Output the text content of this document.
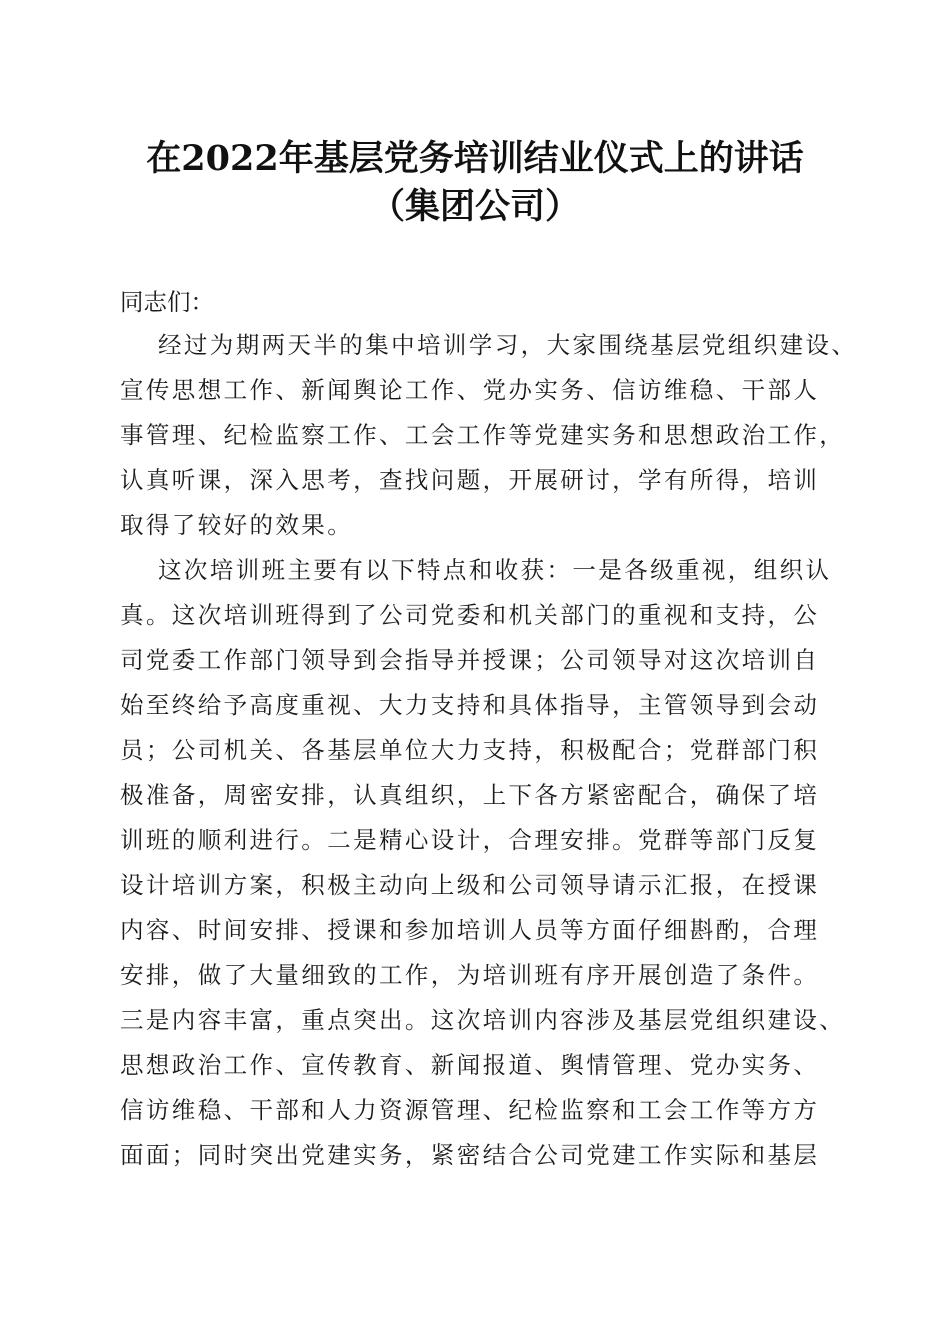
在2022年基层党务培训结业仪式上的讲话
（集团公司）
同志们：
经过为期两天半的集中培训学习，大家围绕基层党组织建设、
宣传思想工作、新闻舆论工作、党办实务、信访维稳、干部人
事管理、纪检监察工作、工会工作等党建实务和思想政治工作，
认真听课，深入思考，查找问题，开展研讨，学有所得，培训
取得了较好的效果。
这次培训班主要有以下特点和收获：一是各级重视，组织认
真。这次培训班得到了公司党委和机关部门的重视和支持，公
司党委工作部门领导到会指导并授课；公司领导对这次培训自
始至终给予高度重视、大力支持和具体指导，主管领导到会动
员；公司机关、各基层单位大力支持，积极配合；党群部门积
极准备，周密安排，认真组织，上下各方紧密配合，确保了培
训班的顺利进行。二是精心设计，合理安排。党群等部门反复
设计培训方案，积极主动向上级和公司领导请示汇报，在授课
内容、时间安排、授课和参加培训人员等方面仔细斟酌，合理
安排，做了大量细致的工作，为培训班有序开展创造了条件。
三是内容丰富，重点突出。这次培训内容涉及基层党组织建设、
思想政治工作、宣传教育、新闻报道、舆情管理、党办实务、
信访维稳、干部和人力资源管理、纪检监察和工会工作等方方
面面；同时突出党建实务，紧密结合公司党建工作实际和基层
